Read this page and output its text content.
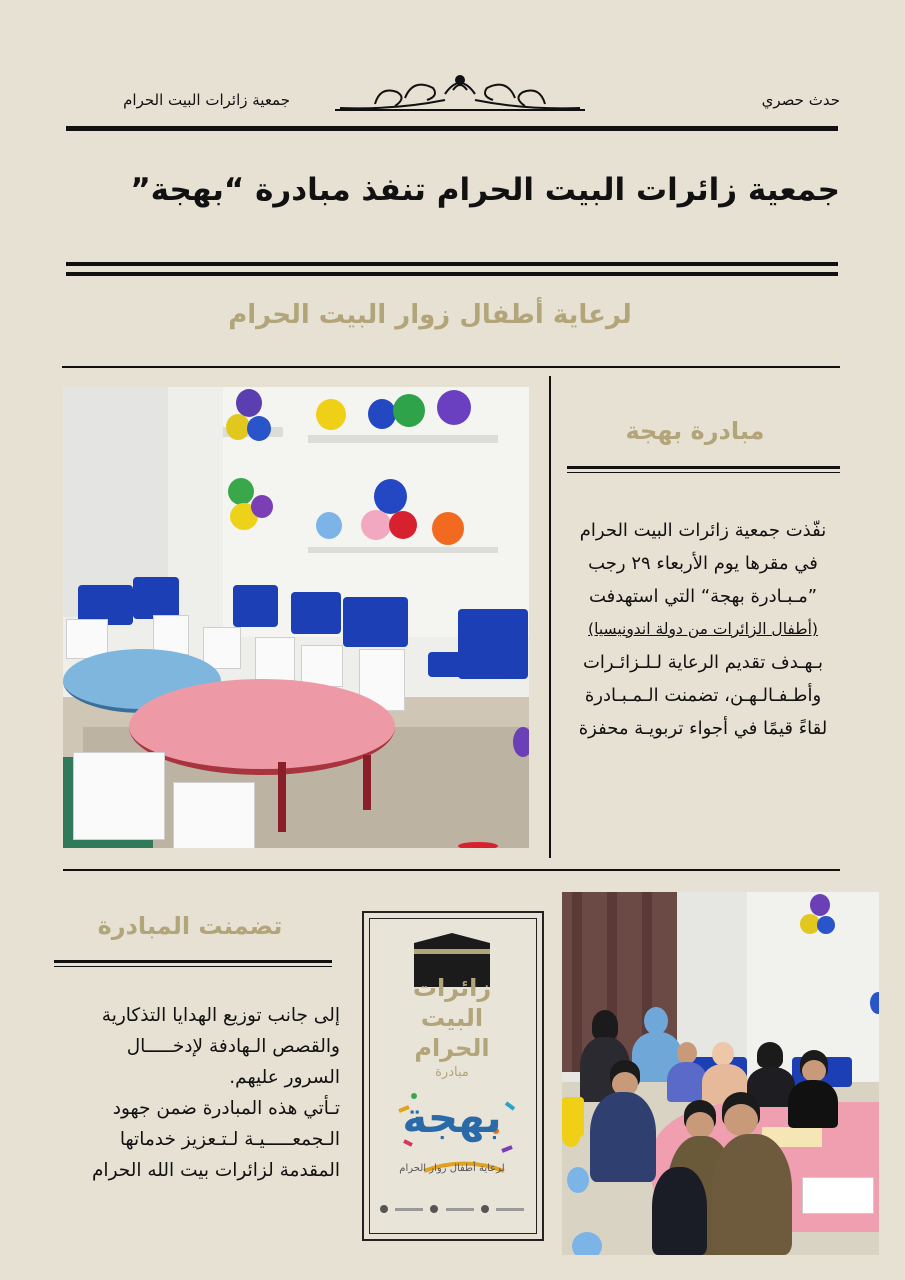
جمعية زائرات البيت الحرام	حدث حصري
جمعية زائرات البيت الحرام تنفذ مبادرة “بهجة”
لرعاية أطفال زوار البيت الحرام
مبادرة بهجة
نفّذت جمعية زائرات البيت الحرام
في مقرها يوم الأربعاء ٢٩ رجب
”مـبـادرة بهجة“ التي استهدفت
(أطفال الزائرات من دولة اندونيسيا)
بـهـدف تقديم الرعاية لـلـزائـرات
وأطـفـالـهـن، تضمنت الـمـبـادرة
لقاءً قيمًا في أجواء تربويـة محفزة
تضمنت المبادرة
إلى جانب توزيع الهدايا التذكارية
والقصص الـهادفة لإدخـــــال
السرور عليهم.
تـأتي هذه المبادرة ضمن جهود
الـجمعـــــيـة لـتـعزيز خدماتها
المقدمة لزائرات بيت الله الحرام
زائرات البيت الحرام
مبادرة
بهجة
لرعاية أطفال زوار الحرام
